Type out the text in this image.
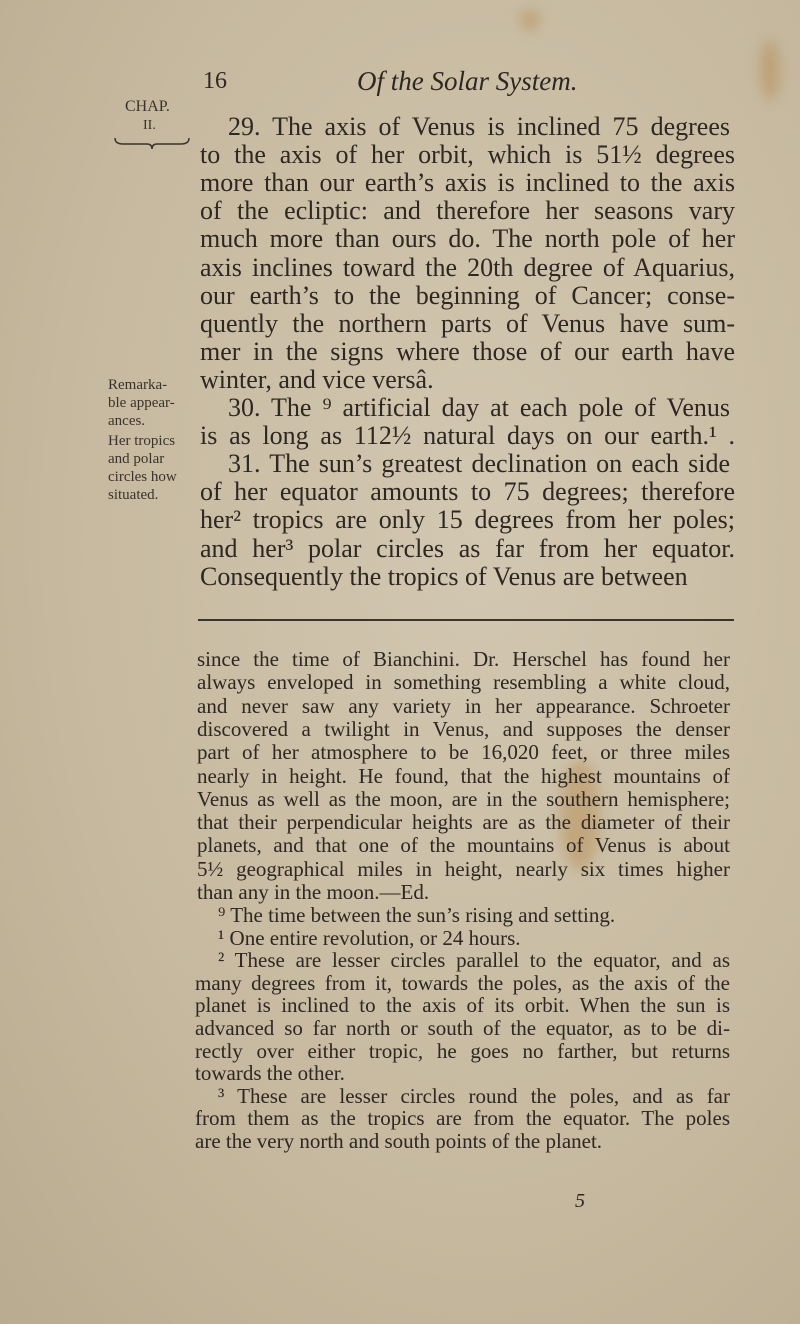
16	Of the Solar System.
CHAP.
II.
Remarka-
ble appear-
ances.
Her tropics
and polar
circles how
situated.
29. The axis of Venus is inclined 75 degrees
to the axis of her orbit, which is 51½ degrees
more than our earth’s axis is inclined to the axis
of the ecliptic: and therefore her seasons vary
much more than ours do. The north pole of her
axis inclines toward the 20th degree of Aquarius,
our earth’s to the beginning of Cancer; conse-
quently the northern parts of Venus have sum-
mer in the signs where those of our earth have
winter, and vice versâ.
30. The ⁹ artificial day at each pole of Venus
is as long as 112½ natural days on our earth.¹ .
31. The sun’s greatest declination on each side
of her equator amounts to 75 degrees; therefore
her² tropics are only 15 degrees from her poles;
and her³ polar circles as far from her equator.
Consequently the tropics of Venus are between
since the time of Bianchini. Dr. Herschel has found her
always enveloped in something resembling a white cloud,
and never saw any variety in her appearance. Schroeter
discovered a twilight in Venus, and supposes the denser
part of her atmosphere to be 16,020 feet, or three miles
nearly in height. He found, that the highest mountains of
Venus as well as the moon, are in the southern hemisphere;
that their perpendicular heights are as the diameter of their
planets, and that one of the mountains of Venus is about
5½ geographical miles in height, nearly six times higher
than any in the moon.—Ed.
⁹ The time between the sun’s rising and setting.
¹ One entire revolution, or 24 hours.
² These are lesser circles parallel to the equator, and as
many degrees from it, towards the poles, as the axis of the
planet is inclined to the axis of its orbit. When the sun is
advanced so far north or south of the equator, as to be di-
rectly over either tropic, he goes no farther, but returns
towards the other.
³ These are lesser circles round the poles, and as far
from them as the tropics are from the equator. The poles
are the very north and south points of the planet.
5
